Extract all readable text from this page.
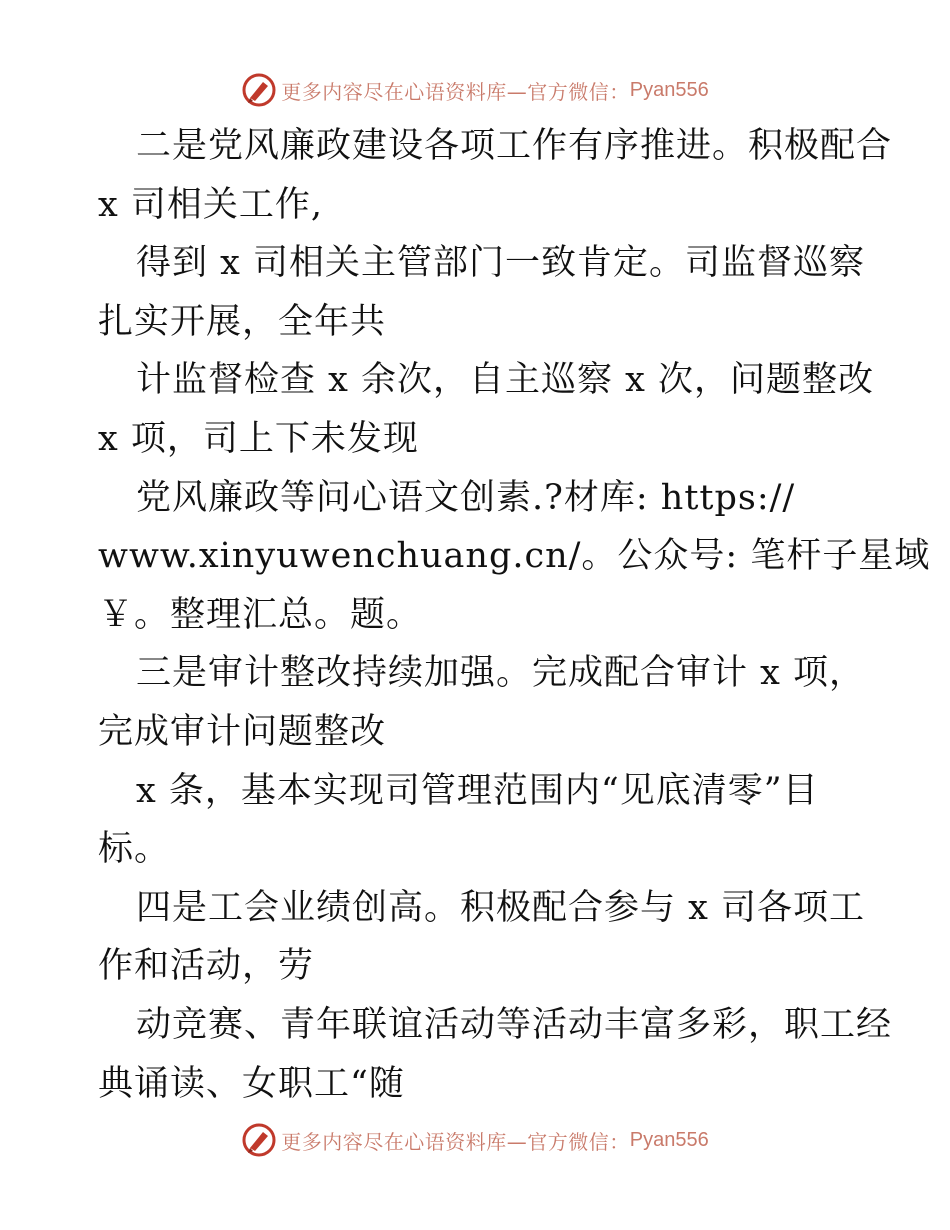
更多内容尽在心语资料库—官方微信： Pyan556
二是党风廉政建设各项工作有序推进。积极配合
x 司相关工作,
得到 x 司相关主管部门一致肯定。司监督巡察
扎实开展，全年共
计监督检查 x 余次，自主巡察 x 次，问题整改
x 项，司上下未发现
党风廉政等问心语文创素.?材库: https://
www.xinyuwenchuang.cn/。公众号: 笔杆子星域
￥。整理汇总。题。
三是审计整改持续加强。完成配合审计 x 项，
完成审计问题整改
x 条，基本实现司管理范围内“见底清零”目
标。
四是工会业绩创高。积极配合参与 x 司各项工
作和活动，劳
动竞赛、青年联谊活动等活动丰富多彩，职工经
典诵读、女职工“随
更多内容尽在心语资料库—官方微信： Pyan556
